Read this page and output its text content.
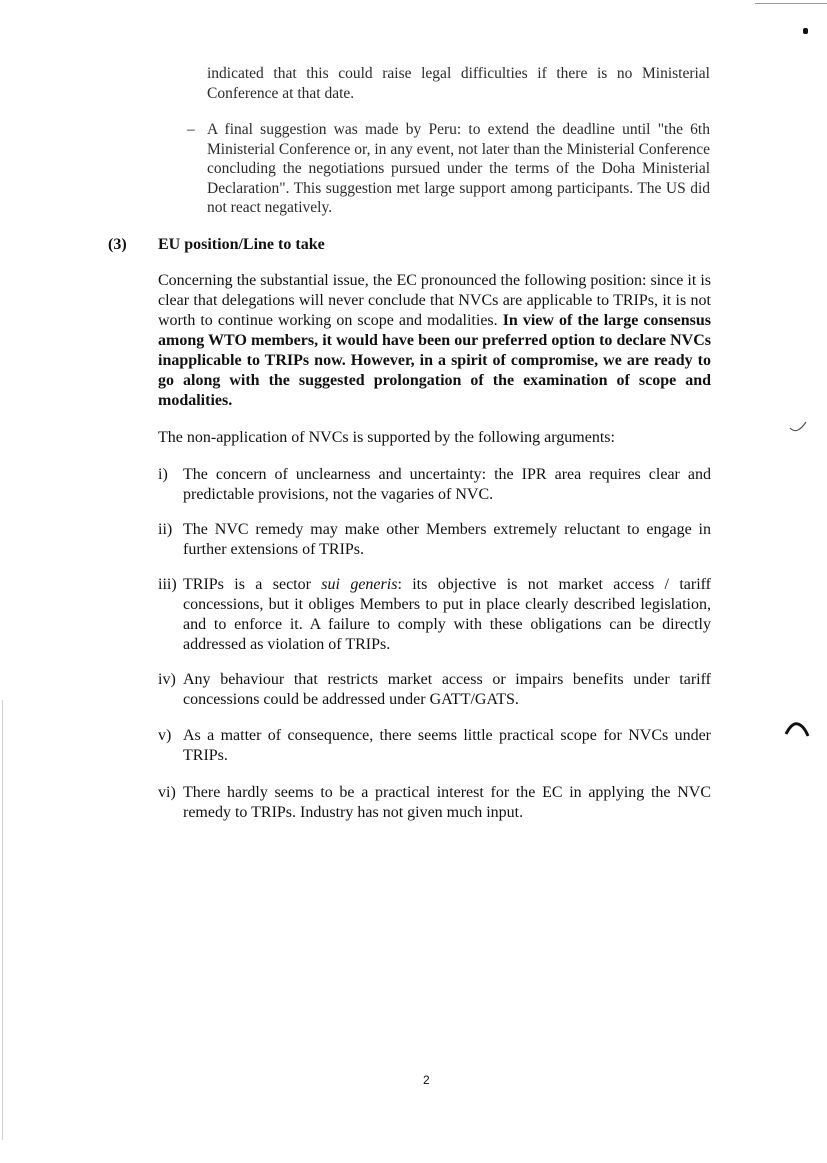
indicated that this could raise legal difficulties if there is no Ministerial Conference at that date.
– A final suggestion was made by Peru: to extend the deadline until "the 6th Ministerial Conference or, in any event, not later than the Ministerial Conference concluding the negotiations pursued under the terms of the Doha Ministerial Declaration". This suggestion met large support among participants. The US did not react negatively.
(3) EU position/Line to take
Concerning the substantial issue, the EC pronounced the following position: since it is clear that delegations will never conclude that NVCs are applicable to TRIPs, it is not worth to continue working on scope and modalities. In view of the large consensus among WTO members, it would have been our preferred option to declare NVCs inapplicable to TRIPs now. However, in a spirit of compromise, we are ready to go along with the suggested prolongation of the examination of scope and modalities.
The non-application of NVCs is supported by the following arguments:
i) The concern of unclearness and uncertainty: the IPR area requires clear and predictable provisions, not the vagaries of NVC.
ii) The NVC remedy may make other Members extremely reluctant to engage in further extensions of TRIPs.
iii) TRIPs is a sector sui generis: its objective is not market access / tariff concessions, but it obliges Members to put in place clearly described legislation, and to enforce it. A failure to comply with these obligations can be directly addressed as violation of TRIPs.
iv) Any behaviour that restricts market access or impairs benefits under tariff concessions could be addressed under GATT/GATS.
v) As a matter of consequence, there seems little practical scope for NVCs under TRIPs.
vi) There hardly seems to be a practical interest for the EC in applying the NVC remedy to TRIPs. Industry has not given much input.
2
